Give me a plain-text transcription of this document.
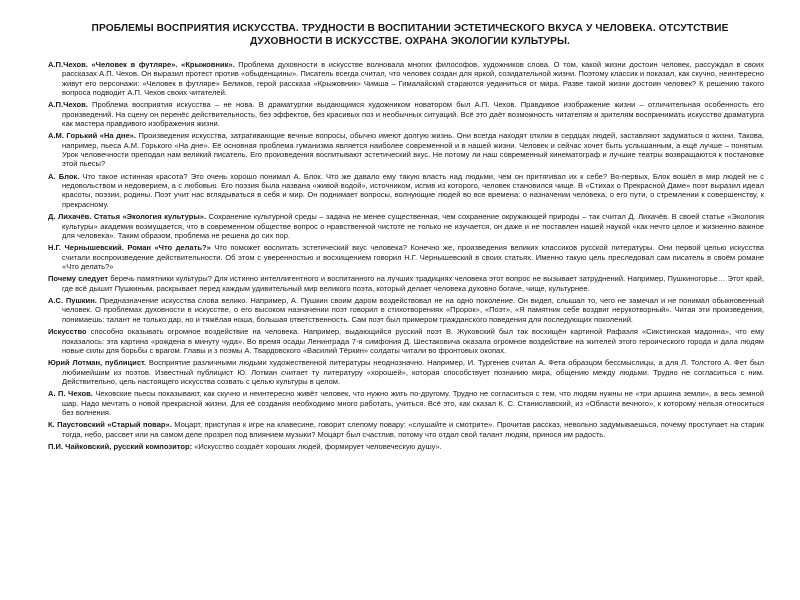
ПРОБЛЕМЫ ВОСПРИЯТИЯ ИСКУССТВА. ТРУДНОСТИ В ВОСПИТАНИИ ЭСТЕТИЧЕСКОГО ВКУСА У ЧЕЛОВЕКА. ОТСУТСТВИЕ
ДУХОВНОСТИ В ИСКУССТВЕ. ОХРАНА ЭКОЛОГИИ КУЛЬТУРЫ.

А.П.Чехов. «Человек в футляре». «Крыжовник». Проблема духовности в искусстве волновала многих философов, художников слова. О том, какой жизни достоин человек, рассуждал в своих рассказах А.П. Чехов. Он выразил протест против «обыденщины». Писатель всегда считал, что человек создан для яркой, созидательной жизни. Поэтому классик и показал, как скучно, неинтересно живут его персонажи: «Человек в футляре» Беликов, герой рассказа «Крыжовник» Чимша – Гималайский стараются уединиться от мира. Разве такой жизни достоин человек? К решению такого вопроса подводит А.П. Чехов своих читателей.

А.П.Чехов. Проблема восприятия искусства – не нова. В драматургии выдающимся художником новатором был А.П. Чехов. Правдивое изображение жизни – отличительная особенность его произведений. На сцену он перенёс действительность, без эффектов, без красивых поз и необычных ситуаций. Всё это даёт возможность читателям и зрителям воспринимать искусство драматурга как мастера правдивого изображения жизни.

А.М. Горький «На дне». Произведения искусства, затрагивающие вечные вопросы, обычно имеют долгую жизнь. Они всегда находят отклик в сердцах людей, заставляют задуматься о жизни. Такова, например, пьеса А.М. Горького «На дне». Её основная проблема гуманизма является наиболее современной и в нашей жизни. Человек и сейчас хочет быть услышанным, а ещё лучше – понятым. Урок человечности преподал нам великий писатель. Его произведения воспитывают эстетический вкус. Не потому ли наш современный кинематограф и лучшие театры возвращаются к постановке этой пьесы?

А. Блок. Что такое истинная красота? Это очень хорошо понимал А. Блок. Что же давало ему такую власть над людьми, чем он притягивал их к себе? Во-первых, Блок вошёл в мир людей не с недовольством и недоверием, а с любовью. Его поэзия была названа «живой водой», источником, испив из которого, человек становился чище. В «Стихах о Прекрасной Даме» поэт выразил идеал красоты, поэзии, родины. Поэт учит нас вглядываться в себя и мир. Он поднимает вопросы, волнующие людей во все времена: о назначении человека, о его пути, о стремлении к совершенству, к прекрасному.

Д. Лихачёв. Статья «Экология культуры». Сохранение культурной среды – задача не менее существенная, чем сохранение окружающей природы – так считал Д. Лихачёв. В своей статье «Экология культуры» академик возмущается, что в современном обществе вопрос о нравственной чистоте не только не изучается, он даже и не поставлен нашей наукой «как нечто целое и жизненно важное для человека». Таким образом, проблема не решена до сих пор.

Н.Г. Чернышевский. Роман «Что делать?» Что поможет воспитать эстетический вкус человека? Конечно же, произведения великих классиков русской литературы. Они первой целью искусства считали воспроизведение действительности. Об этом с уверенностью и восхищением говорил Н.Г. Чернышевский в своих статьях. Именно такую цель преследовал сам писатель в своём романе «Что делать?»

Почему следует беречь памятники культуры? Для истинно интеллигентного и воспитанного на лучших традициях человека этот вопрос не вызывает затруднений. Например, Пушкиногорье… Этот край, где всё дышит Пушкиным, раскрывает перед каждым удивительный мир великого поэта, который делает человека духовно богаче, чище, культурнее.

А.С. Пушкин. Предназначение искусства слова велико. Например, А. Пушкин своим даром воздействовал не на одно поколение. Он видел, слышал то, чего не замечал и не понимал обыкновенный человек. О проблемах духовности в искусстве, о его высоком назначении поэт говорил в стихотворениях «Пророк», «Поэт», «Я памятник себе воздвиг нерукотворный». Читая эти произведения, понимаешь: талант не только дар, но и тяжёлая ноша, большая ответственность. Сам поэт был примером гражданского поведения для последующих поколений.

Искусство способно оказывать огромное воздействие на человека. Например, выдающийся русский поэт В. Жуковский был так восхищён картиной Рафаэля «Сикстинская мадонна», что ему показалось: эта картина «рождена в минуту чуда». Во время осады Ленинграда 7-я симфония Д. Шестаковича оказала огромное воздействие на жителей этого героического города и дала людям новые силы для борьбы с врагом. Главы и з поэмы А. Твардовского «Василий Тёркин» солдаты читали во фронтовых окопах.

Юрий Лотман, публицист. Восприятие различными людьми художественной литературы неоднозначно. Например, И. Тургенев считал А. Фета образцом бессмыслицы, а для Л. Толстого А. Фет был любимейшим из поэтов. Известный публицист Ю. Лотман считает ту литературу «хорошей», которая способствует познанию мира, общению между людьми. Трудно не согласиться с ним. Действительно, цель настоящего искусства созвать с целью культуры в целом.

А. П. Чехов. Чеховские пьесы показывают, как скучно и неинтересно живёт человек, что нужно жить по-другому. Трудно не согласиться с тем, что людям нужны не «три аршина земли», а весь земной шар. Надо мечтать о новой прекрасной жизни. Для её создания необходимо много работать, учиться. Всё это, как сказал К. С. Станиславский, из «Области вечного», к которому нельзя относиться без волнения.

К. Паустовский «Старый повар». Моцарт, приступая к игре на клавесине, говорит слепому повару: «слушайте и смотрите». Прочитав рассказ, невольно задумываешься, почему проступает на старик тогда, небо, рассвет или на самом деле прозрел под влиянием музыки? Моцарт был счастлив, потому что отдал свой талант людям, принося им радость.

П.И. Чайковский, русский композитор: «Искусство создаёт хороших людей, формирует человеческую душу».
